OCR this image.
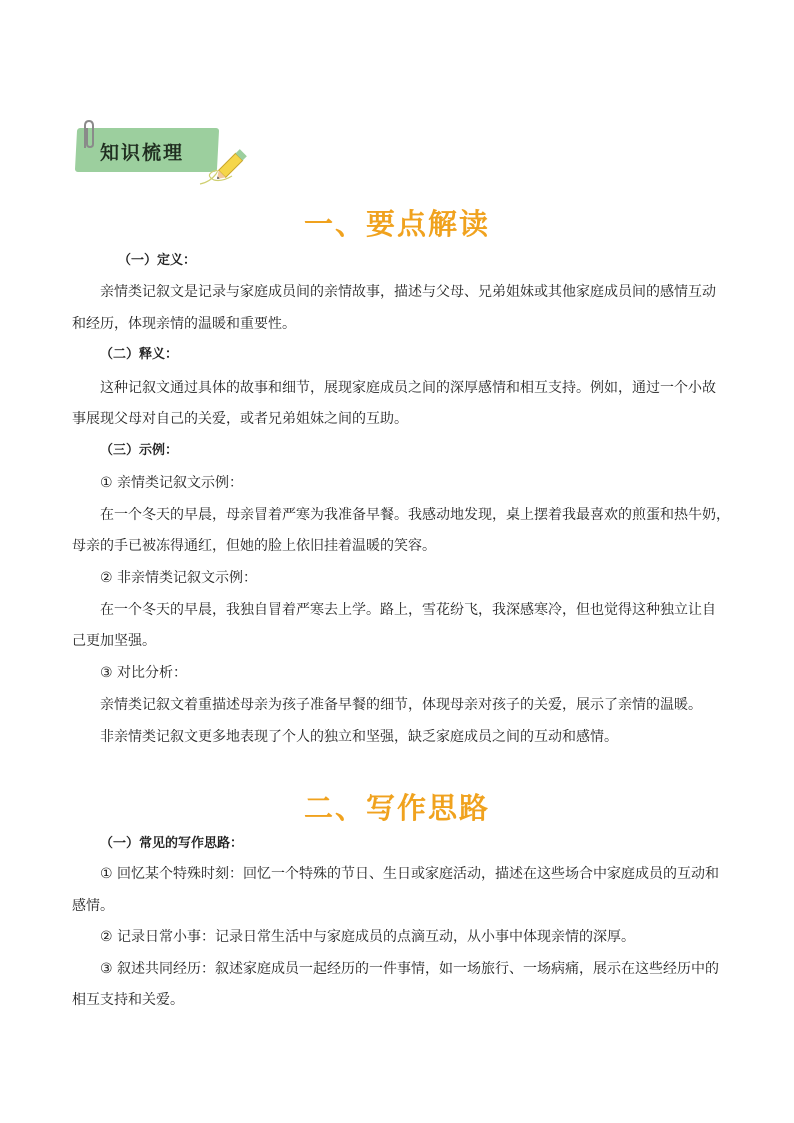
知识梳理
一、要点解读
（一）定义：
亲情类记叙文是记录与家庭成员间的亲情故事，描述与父母、兄弟姐妹或其他家庭成员间的感情互动
和经历，体现亲情的温暖和重要性。
（二）释义：
这种记叙文通过具体的故事和细节，展现家庭成员之间的深厚感情和相互支持。例如，通过一个小故
事展现父母对自己的关爱，或者兄弟姐妹之间的互助。
（三）示例：
① 亲情类记叙文示例：
在一个冬天的早晨，母亲冒着严寒为我准备早餐。我感动地发现，桌上摆着我最喜欢的煎蛋和热牛奶，
母亲的手已被冻得通红，但她的脸上依旧挂着温暖的笑容。
② 非亲情类记叙文示例：
在一个冬天的早晨，我独自冒着严寒去上学。路上，雪花纷飞，我深感寒冷，但也觉得这种独立让自
己更加坚强。
③ 对比分析：
亲情类记叙文着重描述母亲为孩子准备早餐的细节，体现母亲对孩子的关爱，展示了亲情的温暖。
非亲情类记叙文更多地表现了个人的独立和坚强，缺乏家庭成员之间的互动和感情。
二、写作思路
（一）常见的写作思路：
① 回忆某个特殊时刻：回忆一个特殊的节日、生日或家庭活动，描述在这些场合中家庭成员的互动和
感情。
② 记录日常小事：记录日常生活中与家庭成员的点滴互动，从小事中体现亲情的深厚。
③ 叙述共同经历：叙述家庭成员一起经历的一件事情，如一场旅行、一场病痛，展示在这些经历中的
相互支持和关爱。
